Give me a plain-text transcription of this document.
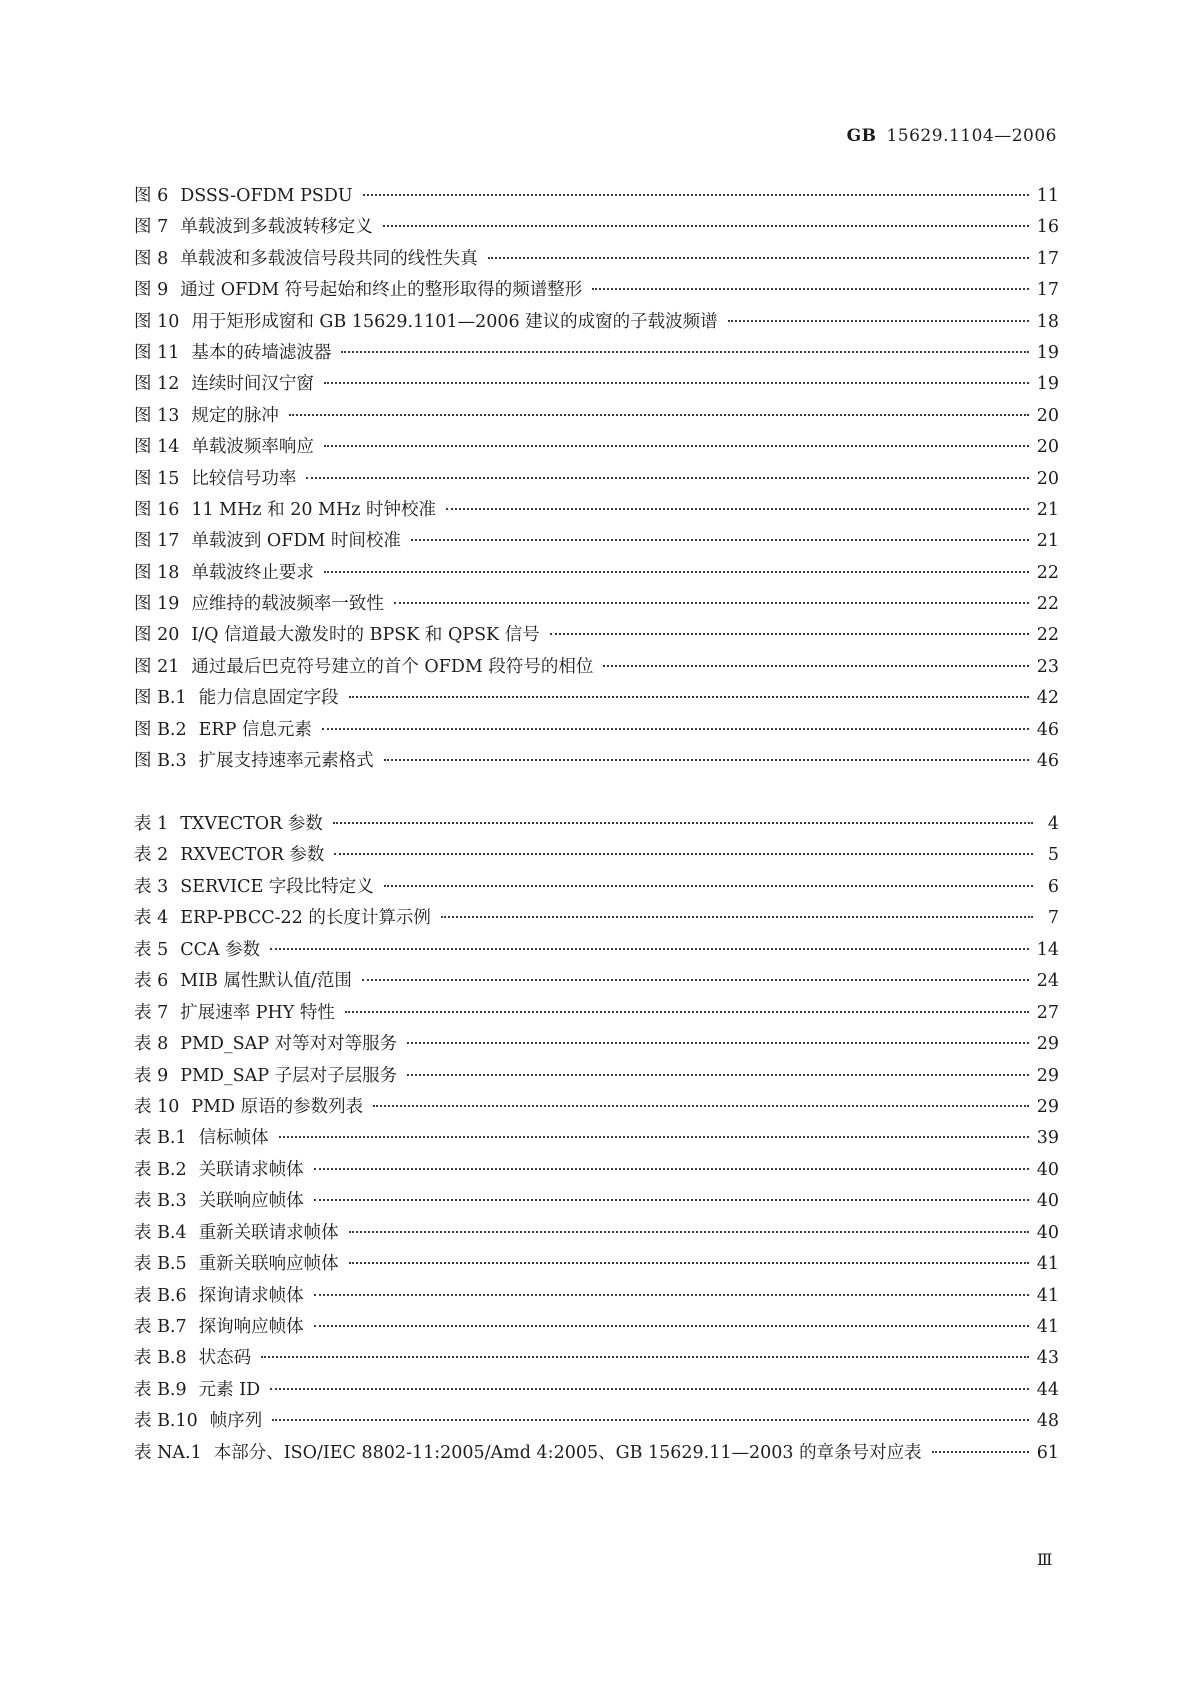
GB 15629.1104—2006
图 6 DSSS-OFDM PSDU	11
图 7 单载波到多载波转移定义	16
图 8 单载波和多载波信号段共同的线性失真	17
图 9 通过 OFDM 符号起始和终止的整形取得的频谱整形	17
图 10 用于矩形成窗和 GB 15629.1101—2006 建议的成窗的子载波频谱	18
图 11 基本的砖墙滤波器	19
图 12 连续时间汉宁窗	19
图 13 规定的脉冲	20
图 14 单载波频率响应	20
图 15 比较信号功率	20
图 16 11 MHz 和 20 MHz 时钟校准	21
图 17 单载波到 OFDM 时间校准	21
图 18 单载波终止要求	22
图 19 应维持的载波频率一致性	22
图 20 I/Q 信道最大激发时的 BPSK 和 QPSK 信号	22
图 21 通过最后巴克符号建立的首个 OFDM 段符号的相位	23
图 B.1 能力信息固定字段	42
图 B.2 ERP 信息元素	46
图 B.3 扩展支持速率元素格式	46
表 1 TXVECTOR 参数	4
表 2 RXVECTOR 参数	5
表 3 SERVICE 字段比特定义	6
表 4 ERP-PBCC-22 的长度计算示例	7
表 5 CCA 参数	14
表 6 MIB 属性默认值/范围	24
表 7 扩展速率 PHY 特性	27
表 8 PMD_SAP 对等对对等服务	29
表 9 PMD_SAP 子层对子层服务	29
表 10 PMD 原语的参数列表	29
表 B.1 信标帧体	39
表 B.2 关联请求帧体	40
表 B.3 关联响应帧体	40
表 B.4 重新关联请求帧体	40
表 B.5 重新关联响应帧体	41
表 B.6 探询请求帧体	41
表 B.7 探询响应帧体	41
表 B.8 状态码	43
表 B.9 元素 ID	44
表 B.10 帧序列	48
表 NA.1 本部分、ISO/IEC 8802-11:2005/Amd 4:2005、GB 15629.11—2003 的章条号对应表	61
Ⅲ
